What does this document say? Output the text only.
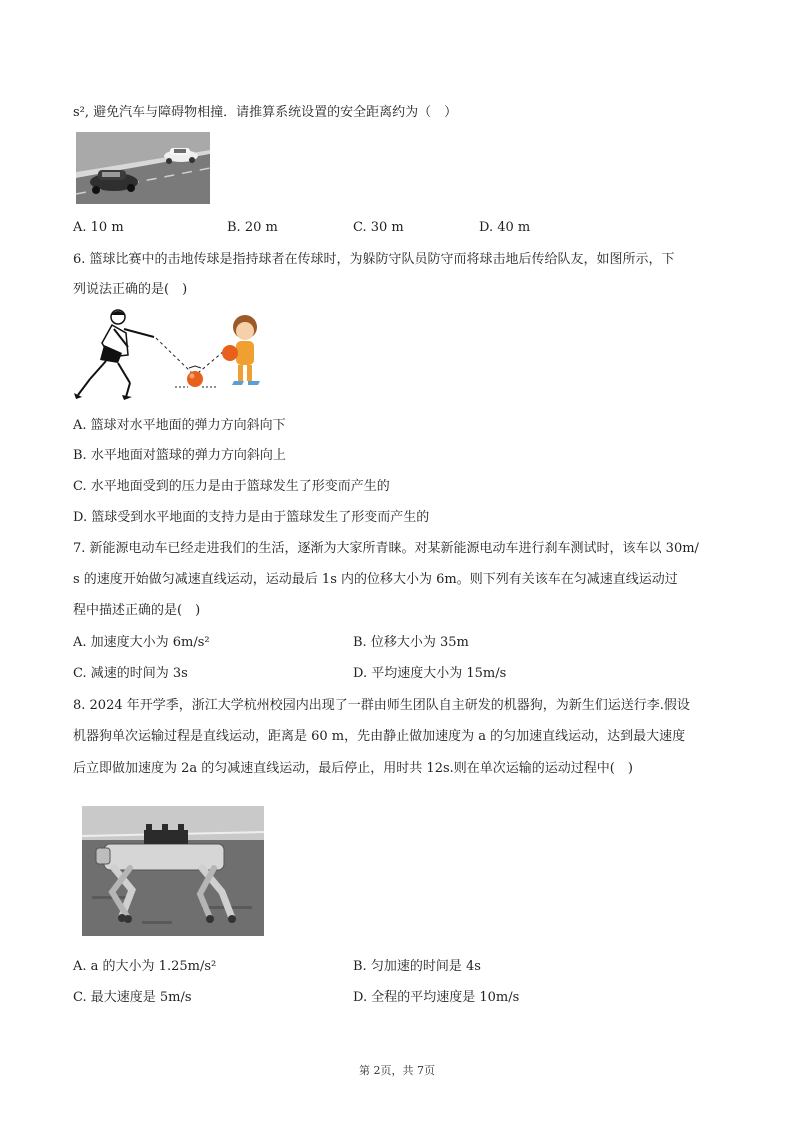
s², 避免汽车与障碍物相撞．请推算系统设置的安全距离约为（　）
A. 10 m	B. 20 m	C. 30 m	D. 40 m
6. 篮球比赛中的击地传球是指持球者在传球时，为躲防守队员防守而将球击地后传给队友，如图所示，下
列说法正确的是(　)
A. 篮球对水平地面的弹力方向斜向下
B. 水平地面对篮球的弹力方向斜向上
C. 水平地面受到的压力是由于篮球发生了形变而产生的
D. 篮球受到水平地面的支持力是由于篮球发生了形变而产生的
7. 新能源电动车已经走进我们的生活，逐渐为大家所青睐。对某新能源电动车进行刹车测试时，该车以 30m/
s 的速度开始做匀减速直线运动，运动最后 1s 内的位移大小为 6m。则下列有关该车在匀减速直线运动过
程中描述正确的是(　)
A. 加速度大小为 6m/s²	B. 位移大小为 35m
C. 减速的时间为 3s	D. 平均速度大小为 15m/s
8. 2024 年开学季，浙江大学杭州校园内出现了一群由师生团队自主研发的机器狗，为新生们运送行李.假设
机器狗单次运输过程是直线运动，距离是 60 m，先由静止做加速度为 a 的匀加速直线运动，达到最大速度
后立即做加速度为 2a 的匀减速直线运动，最后停止，用时共 12s.则在单次运输的运动过程中(　)
A. a 的大小为 1.25m/s²	B. 匀加速的时间是 4s
C. 最大速度是 5m/s	D. 全程的平均速度是 10m/s
第 2页，共 7页
